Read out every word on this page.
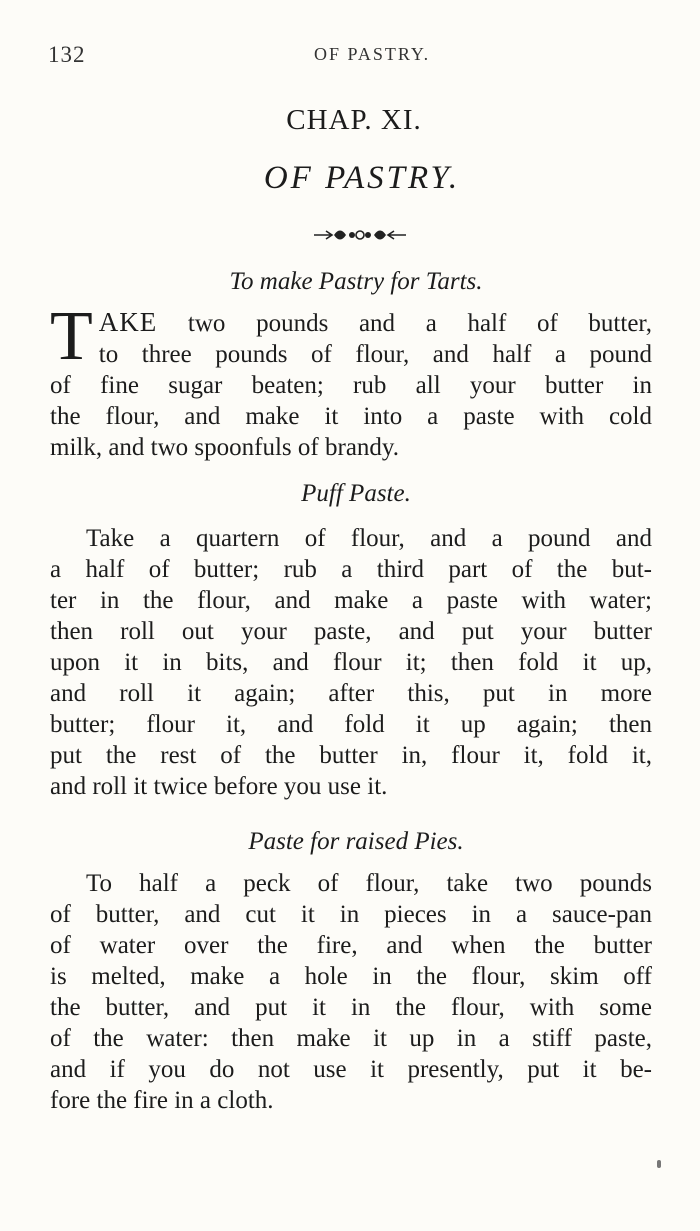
132	OF PASTRY.
CHAP. XI.
OF PASTRY.
To make Pastry for Tarts.
T AKE two pounds and a half of butter,
to three pounds of flour, and half a pound
of fine sugar beaten; rub all your butter in
the flour, and make it into a paste with cold
milk, and two spoonfuls of brandy.
Puff Paste.
Take a quartern of flour, and a pound and
a half of butter; rub a third part of the but-
ter in the flour, and make a paste with water;
then roll out your paste, and put your butter
upon it in bits, and flour it; then fold it up,
and roll it again; after this, put in more
butter; flour it, and fold it up again; then
put the rest of the butter in, flour it, fold it,
and roll it twice before you use it.
Paste for raised Pies.
To half a peck of flour, take two pounds
of butter, and cut it in pieces in a sauce-pan
of water over the fire, and when the butter
is melted, make a hole in the flour, skim off
the butter, and put it in the flour, with some
of the water: then make it up in a stiff paste,
and if you do not use it presently, put it be-
fore the fire in a cloth.
